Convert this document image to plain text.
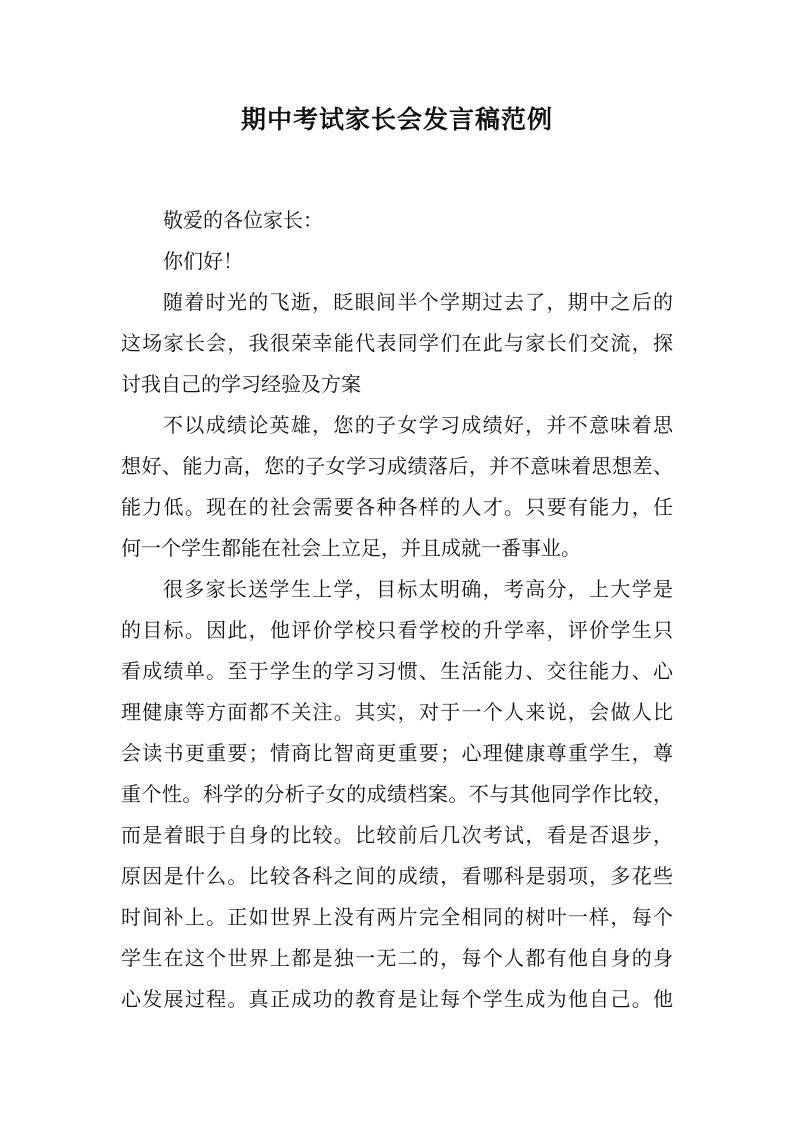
期中考试家长会发言稿范例
敬爱的各位家长：
你们好！
随着时光的飞逝，眨眼间半个学期过去了，期中之后的
这场家长会，我很荣幸能代表同学们在此与家长们交流，探
讨我自己的学习经验及方案
不以成绩论英雄，您的子女学习成绩好，并不意味着思
想好、能力高，您的子女学习成绩落后，并不意味着思想差、
能力低。现在的社会需要各种各样的人才。只要有能力，任
何一个学生都能在社会上立足，并且成就一番事业。
很多家长送学生上学，目标太明确，考高分，上大学是
的目标。因此，他评价学校只看学校的升学率，评价学生只
看成绩单。至于学生的学习习惯、生活能力、交往能力、心
理健康等方面都不关注。其实，对于一个人来说，会做人比
会读书更重要；情商比智商更重要；心理健康尊重学生，尊
重个性。科学的分析子女的成绩档案。不与其他同学作比较，
而是着眼于自身的比较。比较前后几次考试，看是否退步，
原因是什么。比较各科之间的成绩，看哪科是弱项，多花些
时间补上。正如世界上没有两片完全相同的树叶一样，每个
学生在这个世界上都是独一无二的，每个人都有他自身的身
心发展过程。真正成功的教育是让每个学生成为他自己。他
